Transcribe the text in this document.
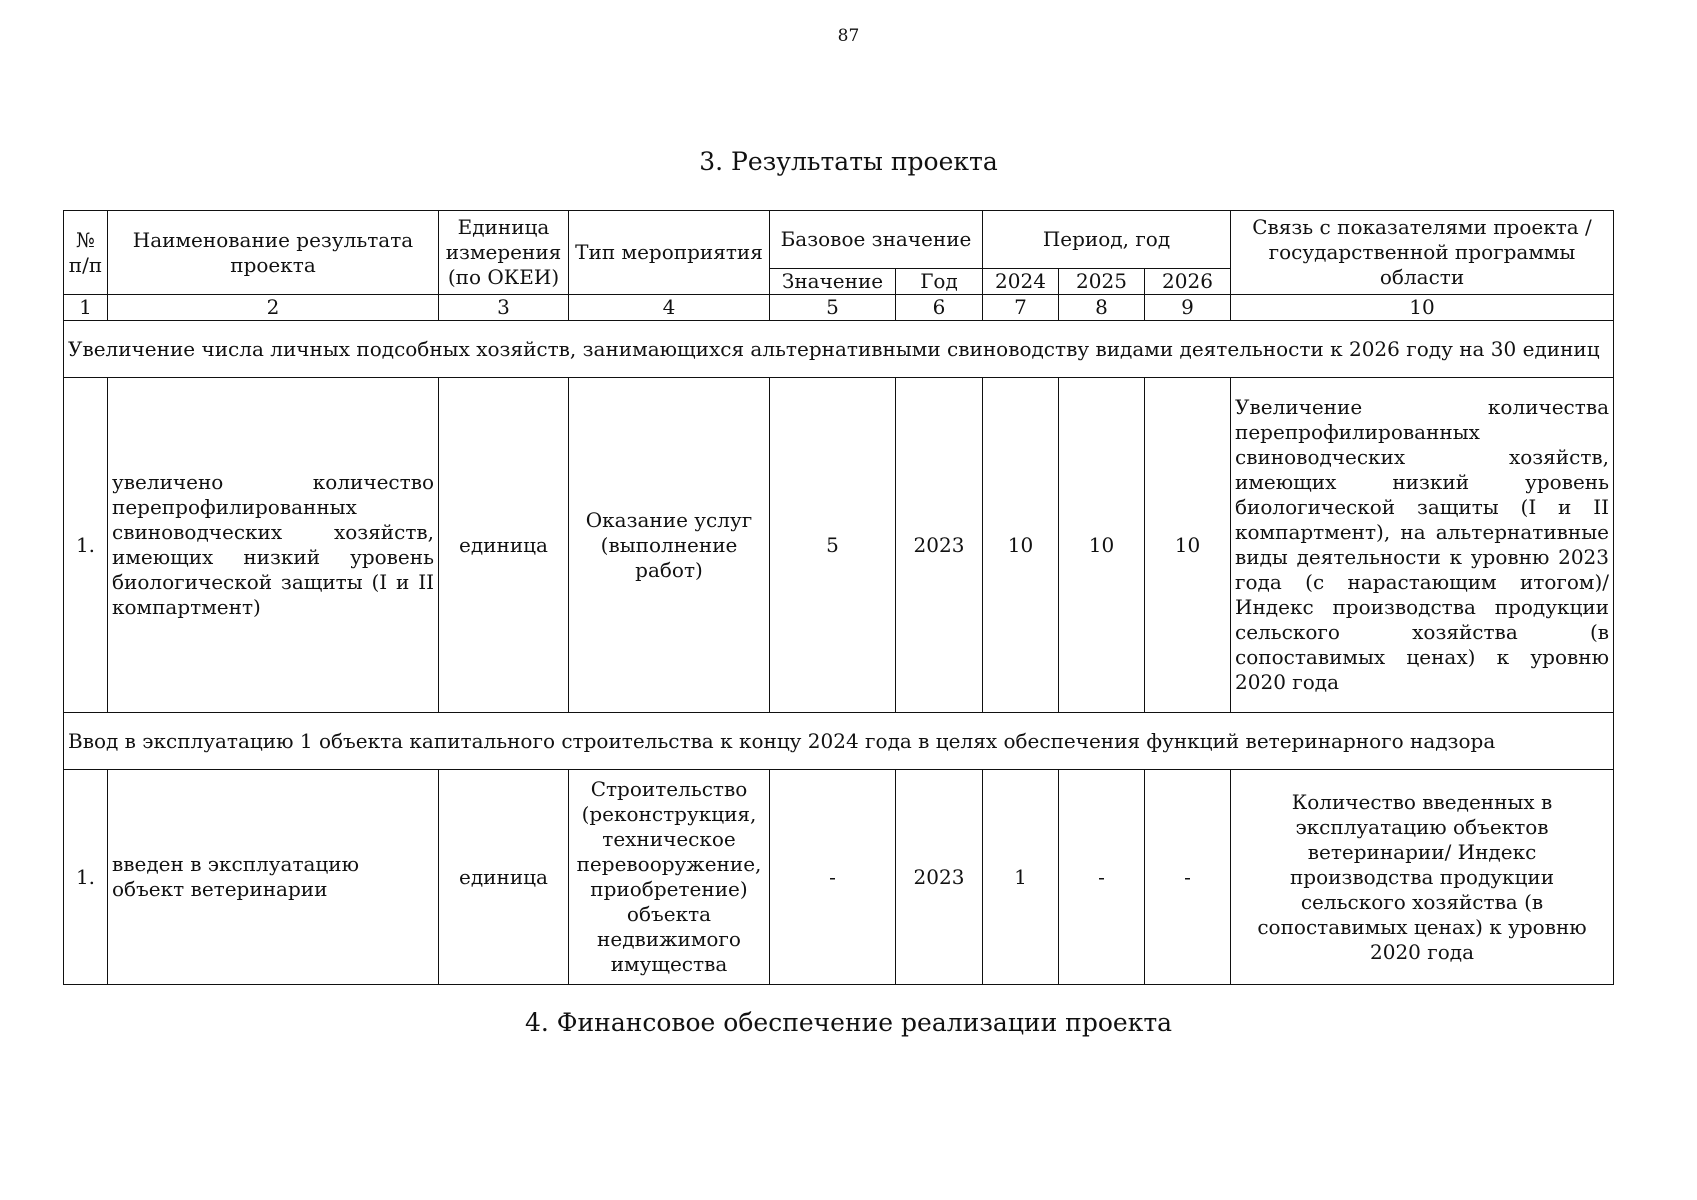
87
3. Результаты проекта
№ п/п	Наименование результата проекта	Единица измерения (по ОКЕИ)	Тип мероприятия	Базовое значение		Период, год			Связь с показателями проекта / государственной программы области
				Значение	Год	2024	2025	2026	
1	2	3	4	5	6	7	8	9	10
Увеличение числа личных подсобных хозяйств, занимающихся альтернативными свиноводству видами деятельности к 2026 году на 30 единиц									
1.	увеличено количество перепрофилированных свиноводческих хозяйств, имеющих низкий уровень биологической защиты (I и II компартмент)	единица	Оказание услуг (выполнение работ)	5	2023	10	10	10	Увеличение количества перепрофилированных свиноводческих хозяйств, имеющих низкий уровень биологической защиты (I и II компартмент), на альтернативные виды деятельности к уровню 2023 года (с нарастающим итогом)/ Индекс производства продукции сельского хозяйства (в сопоставимых ценах) к уровню 2020 года
Ввод в эксплуатацию 1 объекта капитального строительства к концу 2024 года в целях обеспечения функций ветеринарного надзора									
1.	введен в эксплуатацию объект ветеринарии	единица	Строительство (реконструкция, техническое перевооружение, приобретение) объекта недвижимого имущества	-	2023	1	-	-	Количество введенных в эксплуатацию объектов ветеринарии/ Индекс производства продукции сельского хозяйства (в сопоставимых ценах) к уровню 2020 года
4. Финансовое обеспечение реализации проекта
